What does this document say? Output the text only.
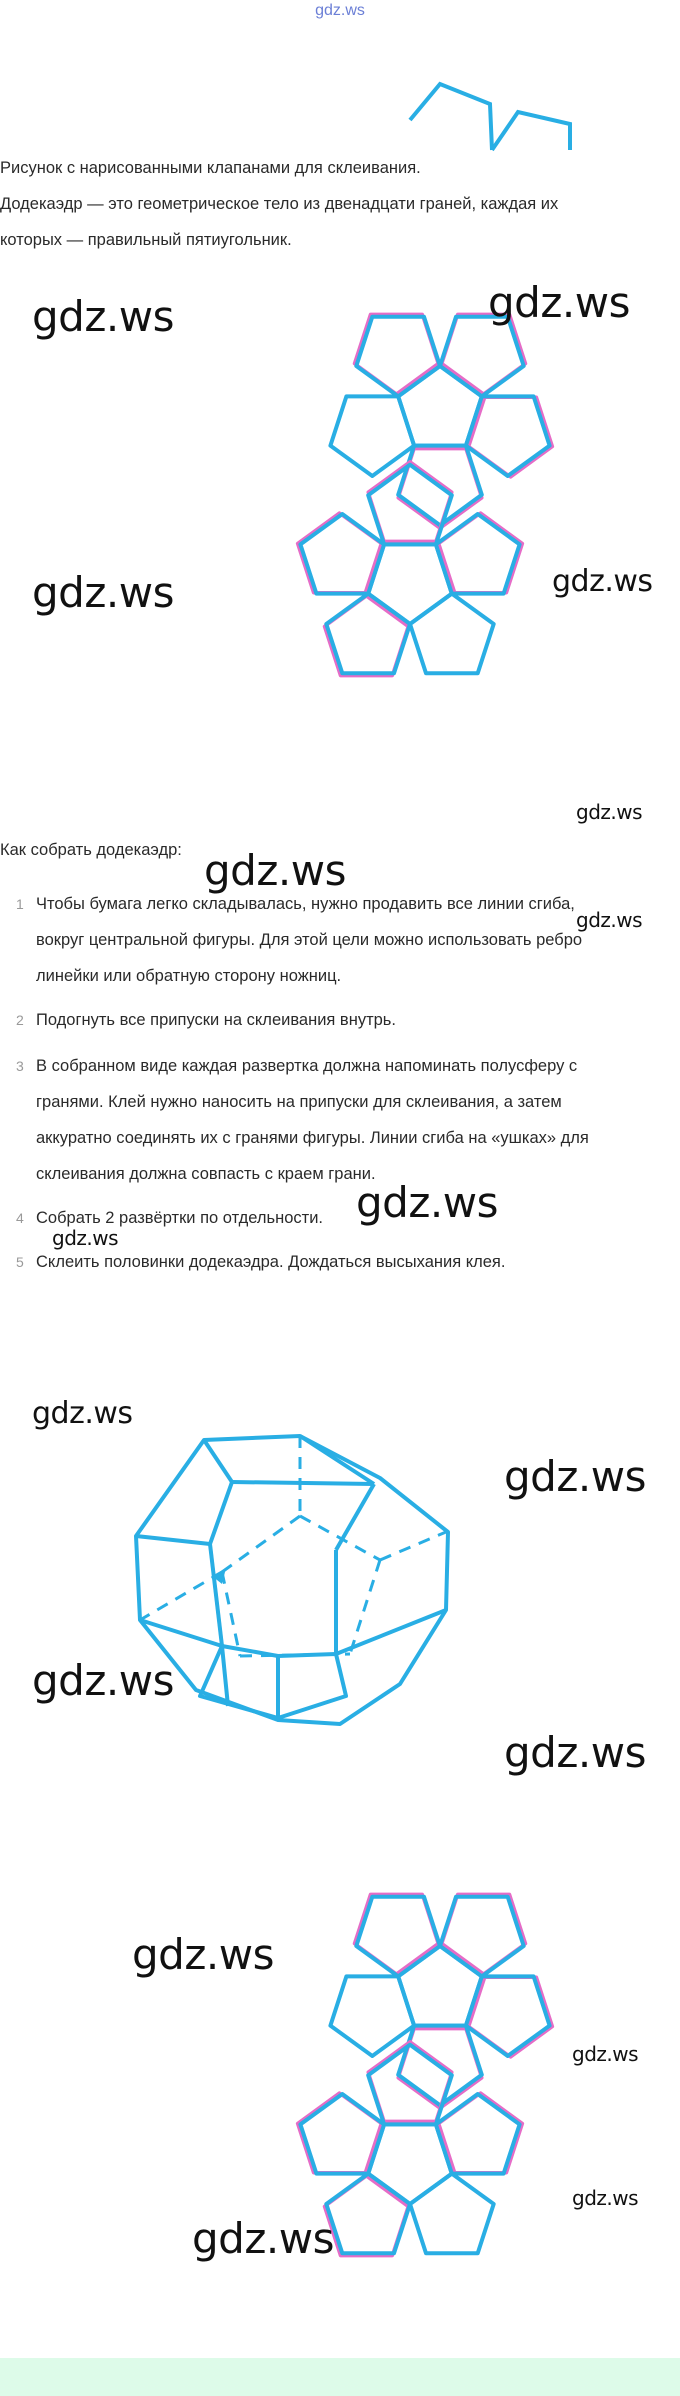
gdz.ws

Рисунок с нарисованными клапанами для склеивания.

Додекаэдр — это геометрическое тело из двенадцати граней, каждая их

которых — правильный пятиугольник.

gdz.ws	gdz.ws
gdz.ws	gdz.ws
gdz.ws

Как собрать додекаэдр: gdz.ws
gdz.ws
1 Чтобы бумага легко складывалась, нужно продавить все линии сгиба,
вокруг центральной фигуры. Для этой цели можно использовать ребро
линейки или обратную сторону ножниц.
2 Подогнуть все припуски на склеивания внутрь.
3 В собранном виде каждая развертка должна напоминать полусферу с
гранями. Клей нужно наносить на припуски для склеивания, а затем
аккуратно соединять их с гранями фигуры. Линии сгиба на «ушках» для
склеивания должна совпасть с краем грани.
4 Собрать 2 развёртки по отдельности.
5 Склеить половинки додекаэдра. Дождаться высыхания клея.
gdz.ws
gdz.ws
gdz.ws
gdz.ws
gdz.ws
gdz.ws
gdz.ws
gdz.ws
gdz.ws
gdz.ws
